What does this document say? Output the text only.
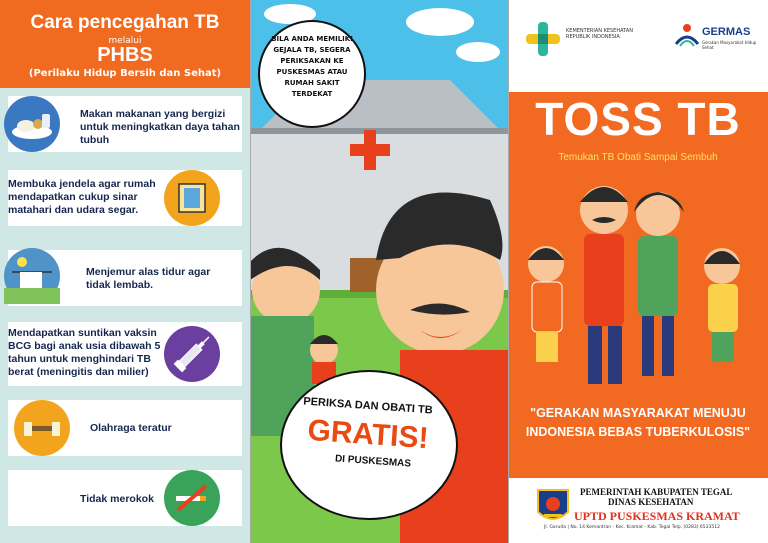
Cara pencegahan TB
melalui
PHBS
(Perilaku Hidup Bersih dan Sehat)
Makan makanan yang bergizi untuk meningkatkan daya tahan tubuh
Membuka jendela agar rumah mendapatkan cukup sinar matahari dan udara segar.
Menjemur alas tidur agar tidak lembab.
Mendapatkan suntikan vaksin BCG bagi anak usia dibawah 5 tahun untuk menghindari TB berat (meningitis dan milier)
Olahraga teratur
Tidak merokok
BILA ANDA MEMILIKI GEJALA TB, SEGERA PERIKSAKAN KE PUSKESMAS ATAU RUMAH SAKIT TERDEKAT
PERIKSA DAN OBATI TB
GRATIS!
DI PUSKESMAS
KEMENTERIAN KESEHATAN REPUBLIK INDONESIA	GERMAS
Gerakan Masyarakat Hidup Sehat
TOSS TB
Temukan TB Obati Sampai Sembuh
"GERAKAN MASYARAKAT MENUJU INDONESIA BEBAS TUBERKULOSIS"
PEMERINTAH KABUPATEN TEGAL
DINAS KESEHATAN
UPTD PUSKESMAS KRAMAT
Jl. Garuda | No. 14 Kemantran - Kec. Kramat - Kab. Tegal Telp. (0283) 6533512
